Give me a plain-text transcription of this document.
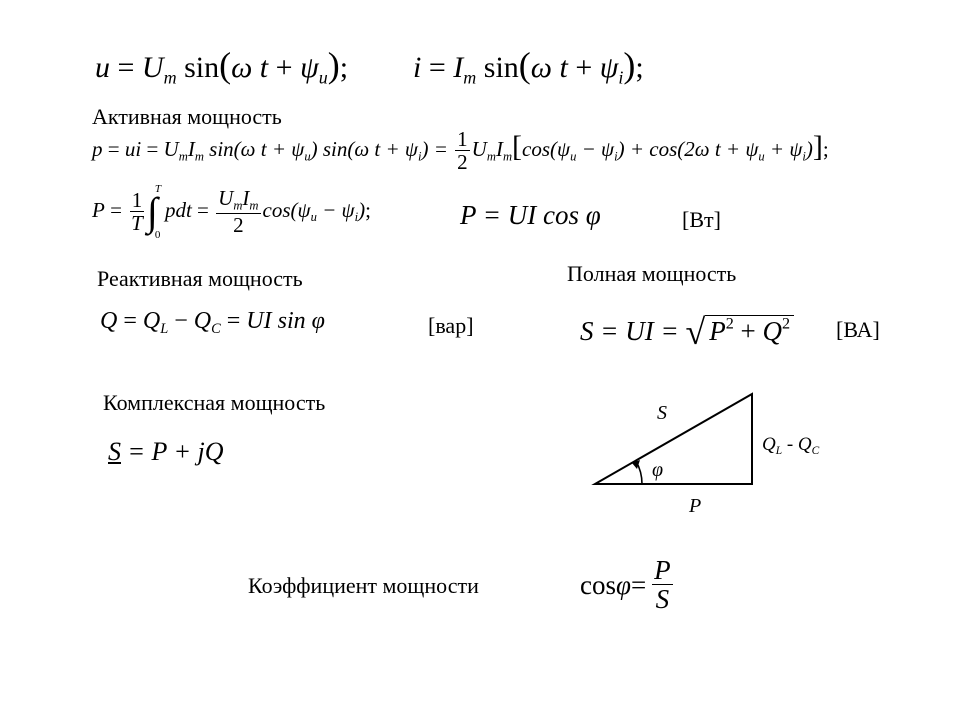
$u = U_m$ sin(ω $t + \psi_u$); $i = I_m$ sin(ω $t + \psi_i$);
Активная мощность
p = ui = $U_mI_m$ sin(ω $t + \psi_u$) sin(ω $t + \psi_i) = \frac{1}{2} U_mI_m[\cos(\psi_u - \psi_i) + \cos(2\omega$ $t + \psi_u + \psi_i$)];
$P = \frac{1}{T}$ ∫
T
0
pdt = $\frac{U_mI_m}{2} \cos(\psi_u - \psi_i)$;	P = UI cos φ	[Вт]
Реактивная мощность
$Q = Q_L - Q_C$ = UI sin φ	[вар]
Полная мощность
S = UI = √ $P^2 + Q^2$ [ВА]
Комплексная мощность
S = P + jQ
S
φ
P
$Q_L - Q_C$
Коэффициент мощности	$\cos \varphi = \frac{P}{S}$
